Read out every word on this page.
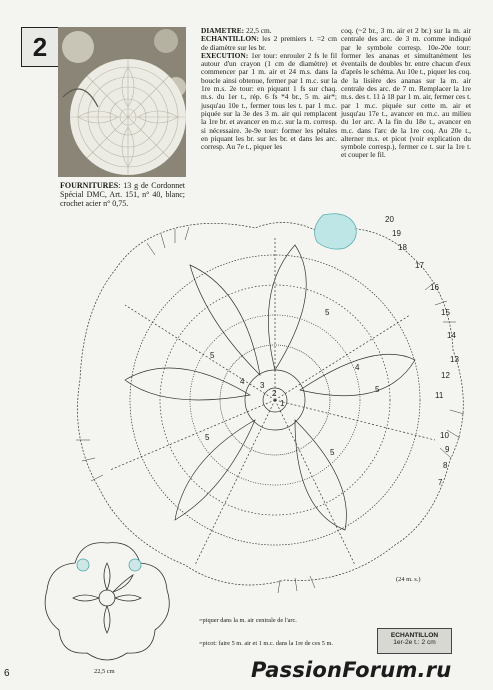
2

FOURNITURES: 13 g de Cordonnet Spécial DMC, Art. 151, n° 40, blanc; crochet acier n° 0,75.

DIAMETRE: 22,5 cm.

ECHANTILLON: les 2 premiers t. =2 cm de diamètre sur les br.

EXECUTION: 1er tour: enrouler 2 fs le fil autour d'un crayon (1 cm de diamètre) et commencer par 1 m. air et 24 m.s. dans la boucle ainsi obtenue, fermer par 1 m.c. sur la 1re m.s. 2e tour: en piquant 1 fs sur chaq. m.s. du 1er t., rép. 6 fs *4 br., 5 m. air*; jusqu'au 10e t., fermer tous les t. par 1 m.c. piquée sur la 3e des 3 m. air qui remplacent la 1re br. et avancer en m.c. sur la m. corresp. si nécessaire. 3e-9e tour: former les pétales en piquant les br. sur les br. et dans les arc. corresp. Au 7e t., piquer les

coq. (~2 br., 3 m. air et 2 br.) sur la m. air centrale des arc. de 3 m. comme indiqué par le symbole corresp. 10e-20e tour: former les ananas et simultanément les éventails de doubles br. entre chacun d'eux d'après le schéma. Au 10e t., piquer les coq. de la lisière des ananas sur la m. air centrale des arc. de 7 m. Remplacer la 1re m.s. des t. 11 à 18 par 1 m. air, fermer ces t. par 1 m.c. piquée sur cette m. air et jusqu'au 17e t., avancer en m.c. au milieu du 1er arc. A la fin du 18e t., avancer en m.c. dans l'arc de la 1re coq. Au 20e t., alterner m.s. et picot (voir explication du symbole corresp.), fermer ce t. sur la 1re t. et couper le fil.

20
19
18
17
16
15
14
13
12
11
10
9
8
7
5
5
5
5
4 3
2
1
4
5
(24 m. s.)
22,5 cm
=piquer dans la m. air centrale de l'arc.
=picot: faire 5 m. air et 1 m.c. dans la 1re de ces 5 m.
ECHANTILLON
1er-2e t.: 2 cm
6	PassionForum.ru
